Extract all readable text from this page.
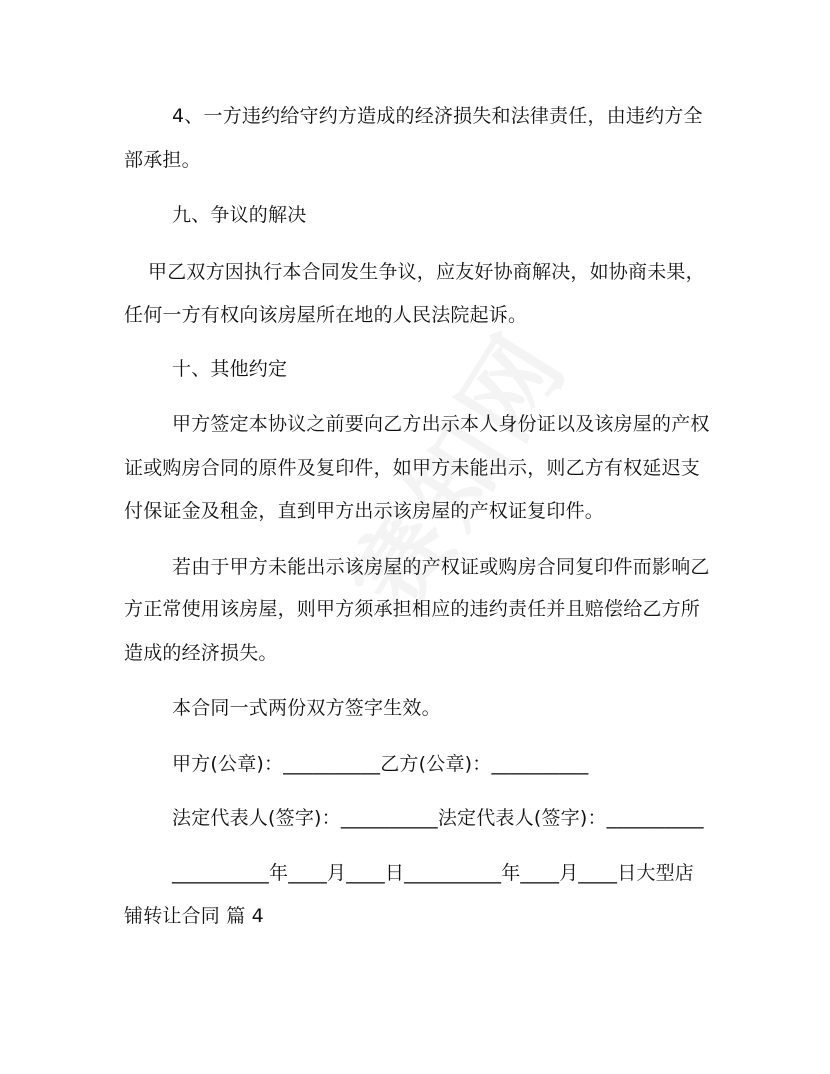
4、一方违约给守约方造成的经济损失和法律责任，由违约方全
部承担。
九、争议的解决
甲乙双方因执行本合同发生争议，应友好协商解决，如协商未果，
任何一方有权向该房屋所在地的人民法院起诉。
十、其他约定
甲方签定本协议之前要向乙方出示本人身份证以及该房屋的产权
证或购房合同的原件及复印件，如甲方未能出示，则乙方有权延迟支
付保证金及租金，直到甲方出示该房屋的产权证复印件。
若由于甲方未能出示该房屋的产权证或购房合同复印件而影响乙
方正常使用该房屋，则甲方须承担相应的违约责任并且赔偿给乙方所
造成的经济损失。
本合同一式两份双方签字生效。
甲方(公章)：__________乙方(公章)：__________
法定代表人(签字)：__________法定代表人(签字)：__________
__________年____月____日__________年____月____日大型店
铺转让合同 篇 4
